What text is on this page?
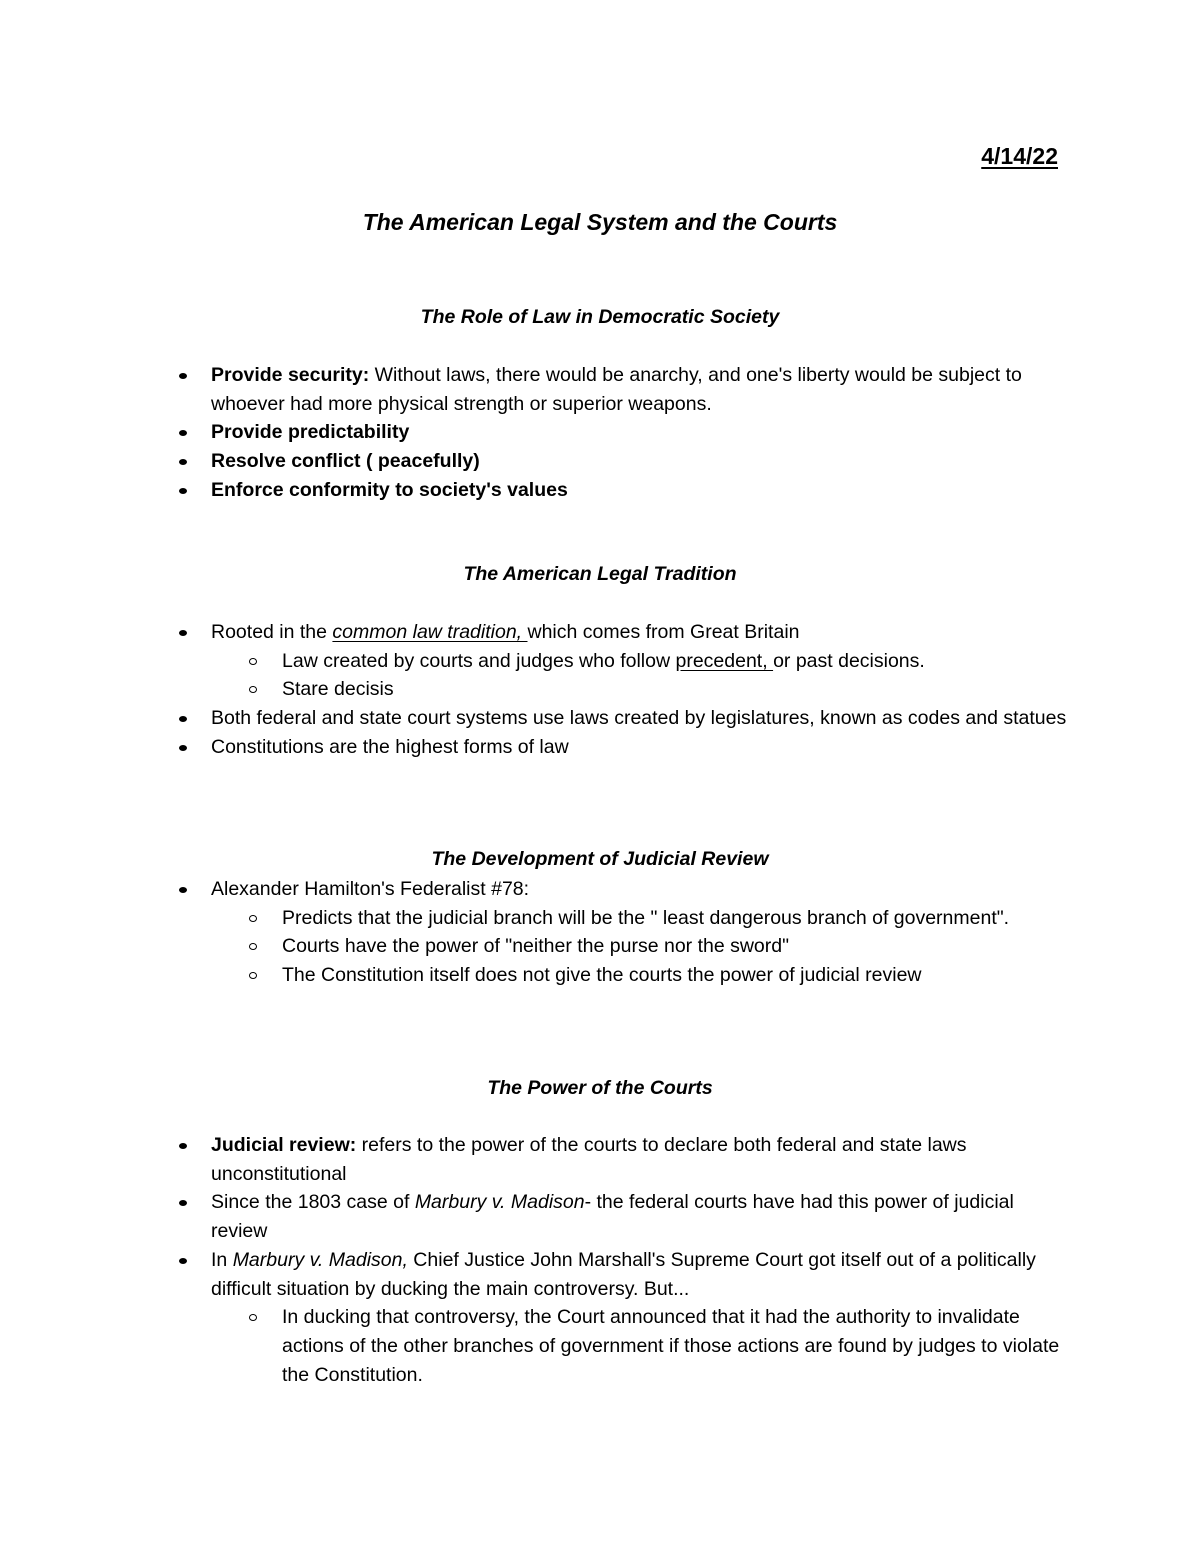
4/14/22

The American Legal System and the Courts
The Role of Law in Democratic Society
Provide security: Without laws, there would be anarchy, and one's liberty would be subject to whoever had more physical strength or superior weapons.
Provide predictability
Resolve conflict ( peacefully)
Enforce conformity to society's values
The American Legal Tradition
Rooted in the common law tradition, which comes from Great Britain
Law created by courts and judges who follow precedent, or past decisions.
Stare decisis
Both federal and state court systems use laws created by legislatures, known as codes and statues
Constitutions are the highest forms of law
The Development of Judicial Review
Alexander Hamilton's Federalist #78:
Predicts that the judicial branch will be the " least dangerous branch of government".
Courts have the power of "neither the purse nor the sword"
The Constitution itself does not give the courts the power of judicial review
The Power of the Courts
Judicial review: refers to the power of the courts to declare both federal and state laws unconstitutional
Since the 1803 case of Marbury v. Madison- the federal courts have had this power of judicial review
In Marbury v. Madison, Chief Justice John Marshall's Supreme Court got itself out of a politically difficult situation by ducking the main controversy. But...
In ducking that controversy, the Court announced that it had the authority to invalidate actions of the other branches of government if those actions are found by judges to violate the Constitution.
